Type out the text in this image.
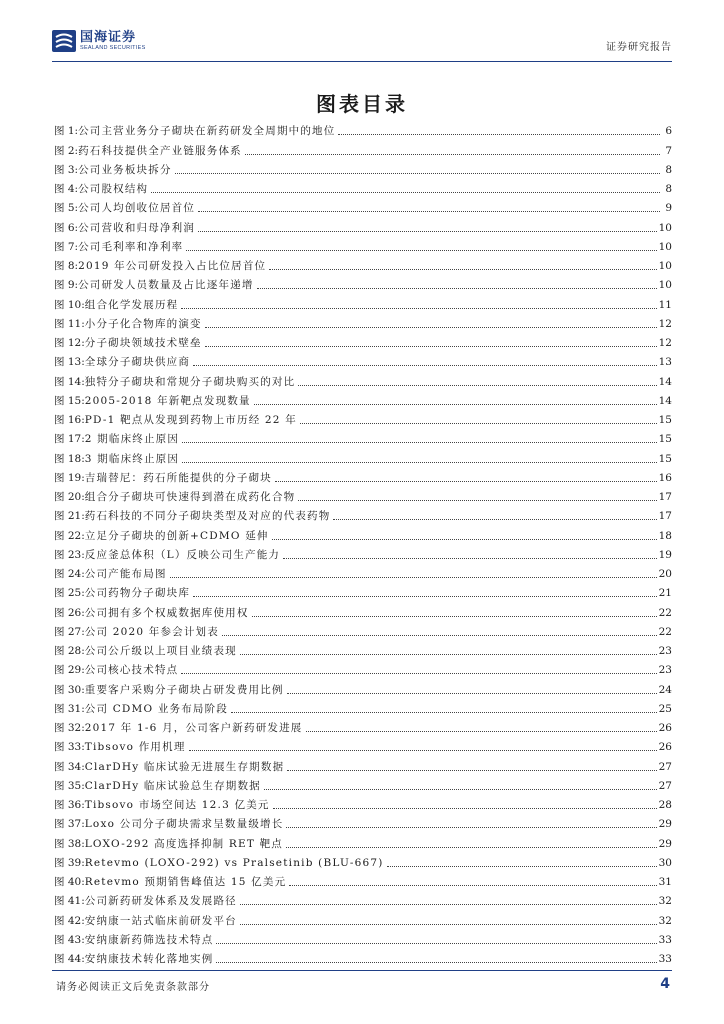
国海证券
SEALAND SECURITIES	证券研究报告
图表目录
图 1: 公司主营业务分子砌块在新药研发全周期中的地位	6
图 2: 药石科技提供全产业链服务体系	7
图 3: 公司业务板块拆分	8
图 4: 公司股权结构	8
图 5: 公司人均创收位居首位	9
图 6: 公司营收和归母净利润	10
图 7: 公司毛利率和净利率	10
图 8: 2019 年公司研发投入占比位居首位	10
图 9: 公司研发人员数量及占比逐年递增	10
图 10: 组合化学发展历程	11
图 11: 小分子化合物库的演变	12
图 12: 分子砌块领域技术壁垒	12
图 13: 全球分子砌块供应商	13
图 14: 独特分子砌块和常规分子砌块购买的对比	14
图 15: 2005-2018 年新靶点发现数量	14
图 16: PD-1 靶点从发现到药物上市历经 22 年	15
图 17: 2 期临床终止原因	15
图 18: 3 期临床终止原因	15
图 19: 吉瑞替尼：药石所能提供的分子砌块	16
图 20: 组合分子砌块可快速得到潜在成药化合物	17
图 21: 药石科技的不同分子砌块类型及对应的代表药物	17
图 22: 立足分子砌块的创新+CDMO 延伸	18
图 23: 反应釜总体积（L）反映公司生产能力	19
图 24: 公司产能布局图	20
图 25: 公司药物分子砌块库	21
图 26: 公司拥有多个权威数据库使用权	22
图 27: 公司 2020 年参会计划表	22
图 28: 公司公斤级以上项目业绩表现	23
图 29: 公司核心技术特点	23
图 30: 重要客户采购分子砌块占研发费用比例	24
图 31: 公司 CDMO 业务布局阶段	25
图 32: 2017 年 1-6 月，公司客户新药研发进展	26
图 33: Tibsovo 作用机理	26
图 34: ClarDHy 临床试验无进展生存期数据	27
图 35: ClarDHy 临床试验总生存期数据	27
图 36: Tibsovo 市场空间达 12.3 亿美元	28
图 37: Loxo 公司分子砌块需求呈数量级增长	29
图 38: LOXO-292 高度选择抑制 RET 靶点	29
图 39: Retevmo (LOXO-292) vs Pralsetinib (BLU-667)	30
图 40: Retevmo 预期销售峰值达 15 亿美元	31
图 41: 公司新药研发体系及发展路径	32
图 42: 安纳康一站式临床前研发平台	32
图 43: 安纳康新药筛选技术特点	33
图 44: 安纳康技术转化落地实例	33
请务必阅读正文后免责条款部分	4
